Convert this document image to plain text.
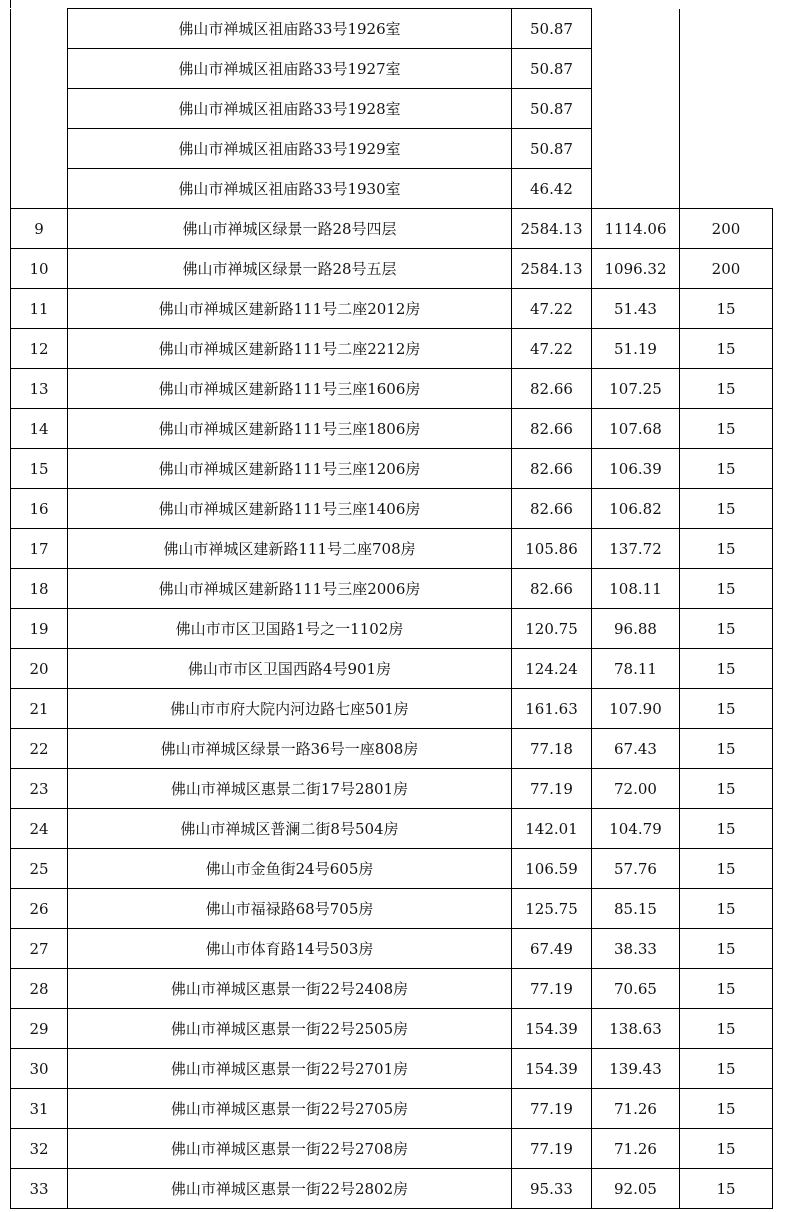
	佛山市禅城区祖庙路33号1926室	50.87		
	佛山市禅城区祖庙路33号1927室	50.87		
	佛山市禅城区祖庙路33号1928室	50.87		
	佛山市禅城区祖庙路33号1929室	50.87		
	佛山市禅城区祖庙路33号1930室	46.42		
9	佛山市禅城区绿景一路28号四层	2584.13	1114.06	200
10	佛山市禅城区绿景一路28号五层	2584.13	1096.32	200
11	佛山市禅城区建新路111号二座2012房	47.22	51.43	15
12	佛山市禅城区建新路111号二座2212房	47.22	51.19	15
13	佛山市禅城区建新路111号三座1606房	82.66	107.25	15
14	佛山市禅城区建新路111号三座1806房	82.66	107.68	15
15	佛山市禅城区建新路111号三座1206房	82.66	106.39	15
16	佛山市禅城区建新路111号三座1406房	82.66	106.82	15
17	佛山市禅城区建新路111号二座708房	105.86	137.72	15
18	佛山市禅城区建新路111号三座2006房	82.66	108.11	15
19	佛山市市区卫国路1号之一1102房	120.75	96.88	15
20	佛山市市区卫国西路4号901房	124.24	78.11	15
21	佛山市市府大院内河边路七座501房	161.63	107.90	15
22	佛山市禅城区绿景一路36号一座808房	77.18	67.43	15
23	佛山市禅城区惠景二街17号2801房	77.19	72.00	15
24	佛山市禅城区普澜二街8号504房	142.01	104.79	15
25	佛山市金鱼街24号605房	106.59	57.76	15
26	佛山市福禄路68号705房	125.75	85.15	15
27	佛山市体育路14号503房	67.49	38.33	15
28	佛山市禅城区惠景一街22号2408房	77.19	70.65	15
29	佛山市禅城区惠景一街22号2505房	154.39	138.63	15
30	佛山市禅城区惠景一街22号2701房	154.39	139.43	15
31	佛山市禅城区惠景一街22号2705房	77.19	71.26	15
32	佛山市禅城区惠景一街22号2708房	77.19	71.26	15
33	佛山市禅城区惠景一街22号2802房	95.33	92.05	15
